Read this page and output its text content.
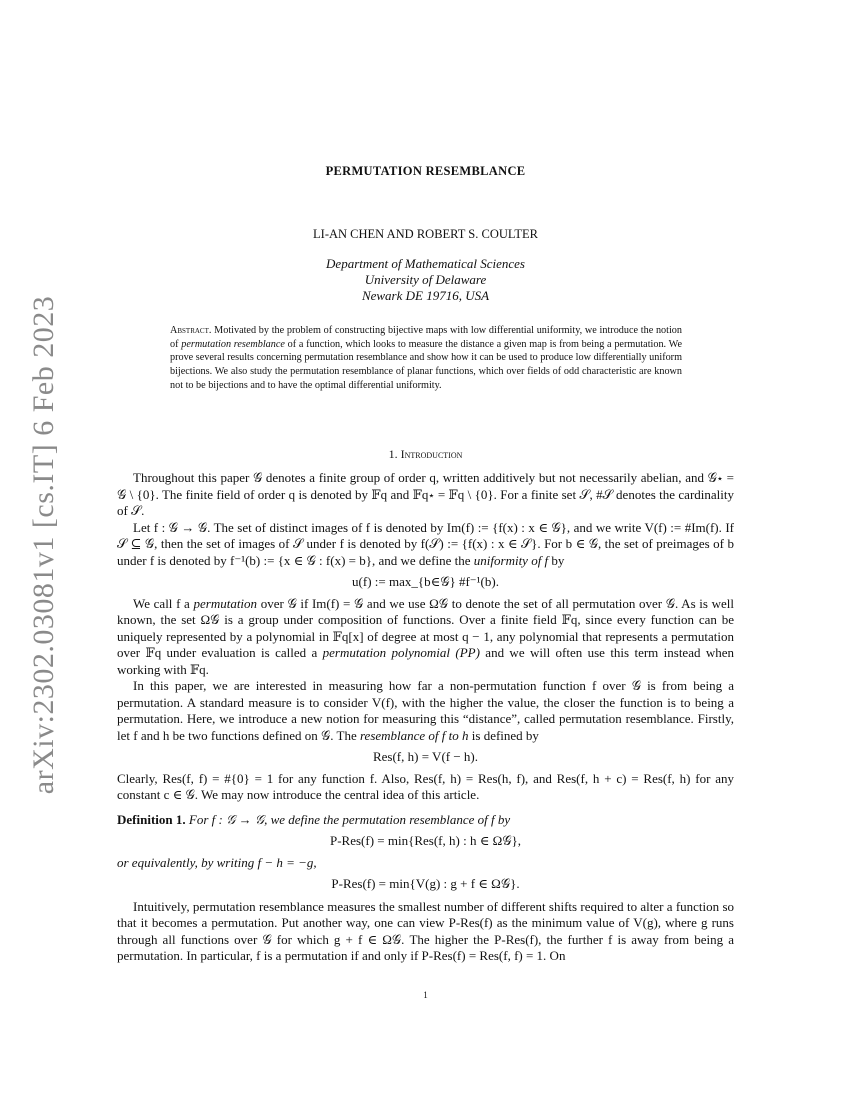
arXiv:2302.03081v1 [cs.IT] 6 Feb 2023
PERMUTATION RESEMBLANCE
LI-AN CHEN AND ROBERT S. COULTER
Department of Mathematical Sciences
University of Delaware
Newark DE 19716, USA
Abstract. Motivated by the problem of constructing bijective maps with low differential uniformity, we introduce the notion of permutation resemblance of a function, which looks to measure the distance a given map is from being a permutation. We prove several results concerning permutation resemblance and show how it can be used to produce low differentially uniform bijections. We also study the permutation resemblance of planar functions, which over fields of odd characteristic are known not to be bijections and to have the optimal differential uniformity.
1. Introduction

Throughout this paper 𝒢 denotes a finite group of order q, written additively but not necessarily abelian, and 𝒢⋆ = 𝒢 \ {0}. The finite field of order q is denoted by 𝔽q and 𝔽q⋆ = 𝔽q \ {0}. For a finite set 𝒮, #𝒮 denotes the cardinality of 𝒮.

Let f : 𝒢 → 𝒢. The set of distinct images of f is denoted by Im(f) := {f(x) : x ∈ 𝒢}, and we write V(f) := #Im(f). If 𝒮 ⊆ 𝒢, then the set of images of 𝒮 under f is denoted by f(𝒮) := {f(x) : x ∈ 𝒮}. For b ∈ 𝒢, the set of preimages of b under f is denoted by f⁻¹(b) := {x ∈ 𝒢 : f(x) = b}, and we define the uniformity of f by

u(f) := max_{b∈𝒢} #f⁻¹(b).

We call f a permutation over 𝒢 if Im(f) = 𝒢 and we use Ω𝒢 to denote the set of all permutation over 𝒢. As is well known, the set Ω𝒢 is a group under composition of functions. Over a finite field 𝔽q, since every function can be uniquely represented by a polynomial in 𝔽q[x] of degree at most q − 1, any polynomial that represents a permutation over 𝔽q under evaluation is called a permutation polynomial (PP) and we will often use this term instead when working with 𝔽q.

In this paper, we are interested in measuring how far a non-permutation function f over 𝒢 is from being a permutation. A standard measure is to consider V(f), with the higher the value, the closer the function is to being a permutation. Here, we introduce a new notion for measuring this “distance”, called permutation resemblance. Firstly, let f and h be two functions defined on 𝒢. The resemblance of f to h is defined by

Res(f, h) = V(f − h).

Clearly, Res(f, f) = #{0} = 1 for any function f. Also, Res(f, h) = Res(h, f), and Res(f, h + c) = Res(f, h) for any constant c ∈ 𝒢. We may now introduce the central idea of this article.

Definition 1. For f : 𝒢 → 𝒢, we define the permutation resemblance of f by

P-Res(f) = min{Res(f, h) : h ∈ Ω𝒢},

or equivalently, by writing f − h = −g,

P-Res(f) = min{V(g) : g + f ∈ Ω𝒢}.

Intuitively, permutation resemblance measures the smallest number of different shifts required to alter a function so that it becomes a permutation. Put another way, one can view P-Res(f) as the minimum value of V(g), where g runs through all functions over 𝒢 for which g + f ∈ Ω𝒢. The higher the P-Res(f), the further f is away from being a permutation. In particular, f is a permutation if and only if P-Res(f) = Res(f, f) = 1. On

1
